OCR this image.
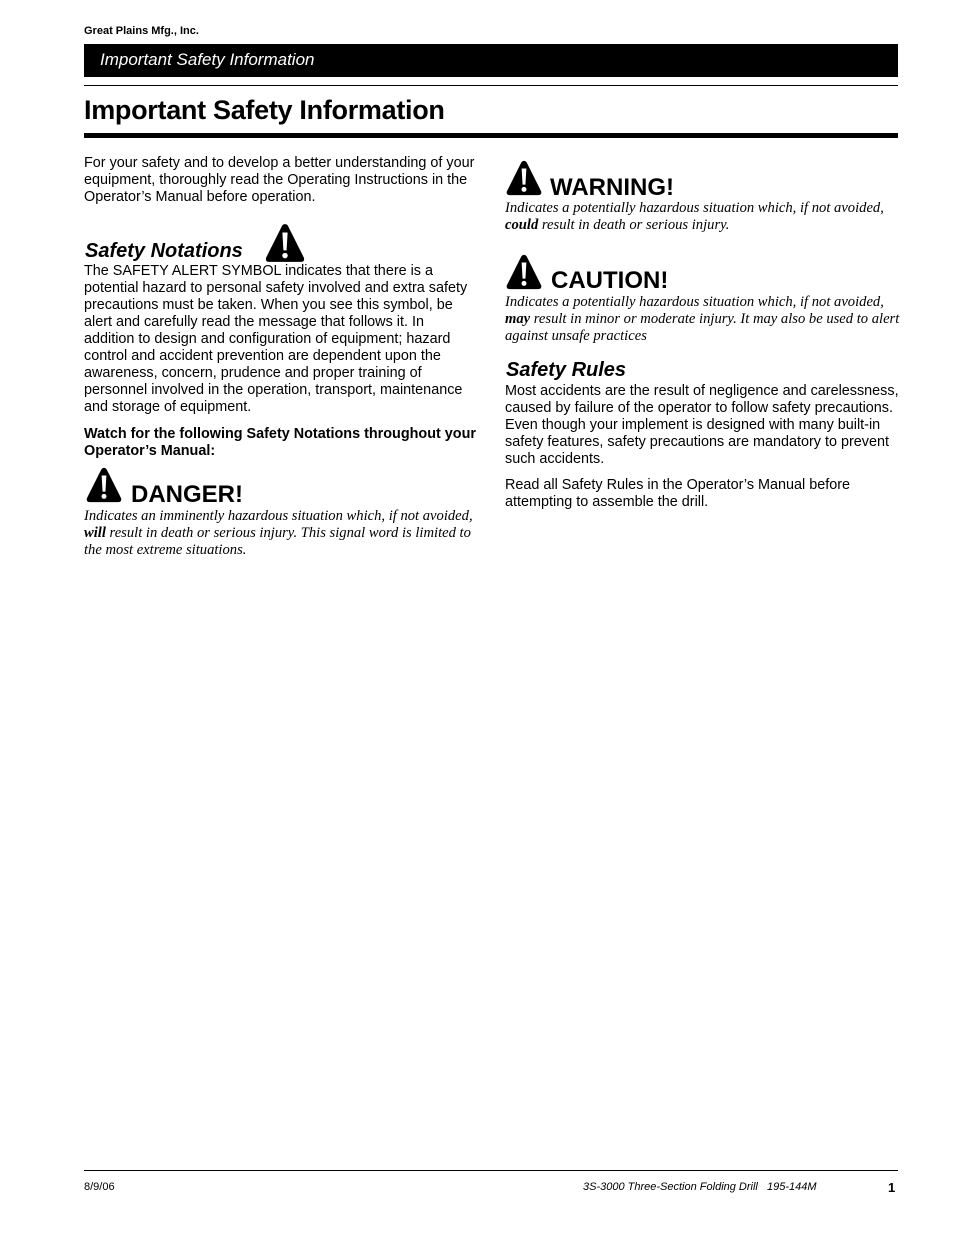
Great Plains Mfg., Inc.
Important Safety Information
Important Safety Information

For your safety and to develop a better understanding of your equipment, thoroughly read the Operating Instructions in the Operator’s Manual before operation.

Safety Notations

The SAFETY ALERT SYMBOL indicates that there is a potential hazard to personal safety involved and extra safety precautions must be taken. When you see this symbol, be alert and carefully read the message that follows it. In addition to design and configuration of equipment; hazard control and accident prevention are dependent upon the awareness, concern, prudence and proper training of personnel involved in the operation, transport, maintenance and storage of equipment.

Watch for the following Safety Notations throughout your Operator’s Manual:

DANGER!

Indicates an imminently hazardous situation which, if not avoided, will result in death or serious injury. This signal word is limited to the most extreme situations.

WARNING!

Indicates a potentially hazardous situation which, if not avoided, could result in death or serious injury.

CAUTION!

Indicates a potentially hazardous situation which, if not avoided, may result in minor or moderate injury. It may also be used to alert against unsafe practices

Safety Rules

Most accidents are the result of negligence and carelessness, caused by failure of the operator to follow safety precautions. Even though your implement is designed with many built-in safety features, safety precautions are mandatory to prevent such accidents.

Read all Safety Rules in the Operator’s Manual before attempting to assemble the drill.

8/9/06	3S-3000 Three-Section Folding Drill   195-144M	1
